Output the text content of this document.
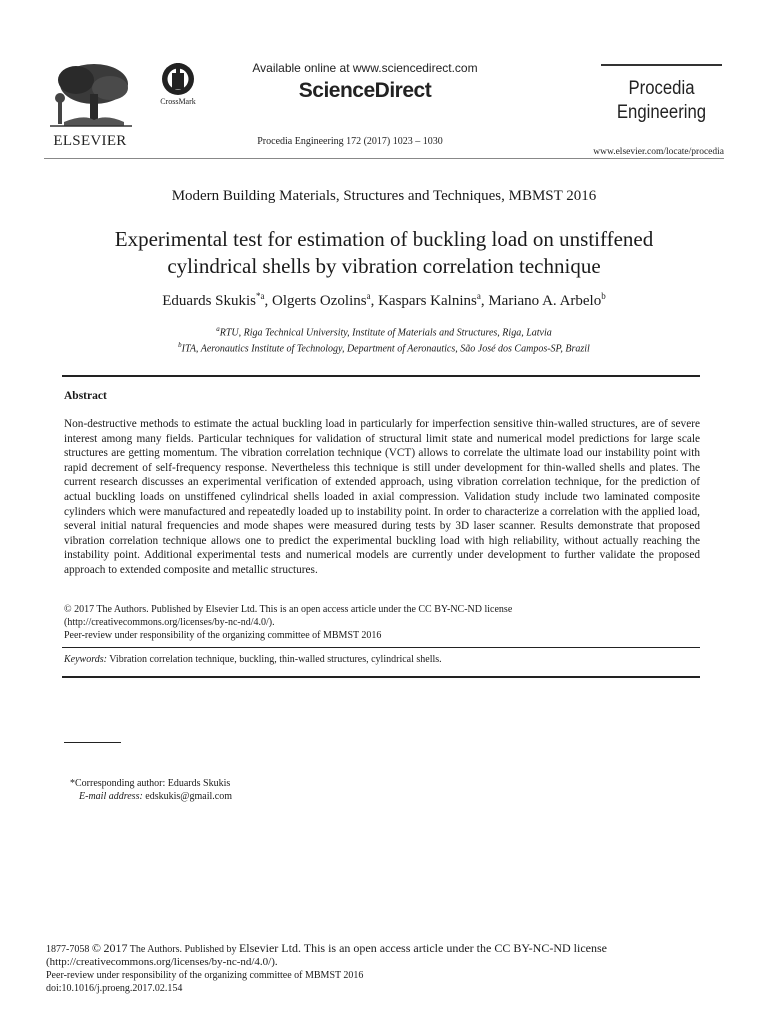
ELSEVIER
CrossMark
Available online at www.sciencedirect.com
ScienceDirect
Procedia Engineering 172 (2017) 1023 – 1030
Procedia
Engineering
www.elsevier.com/locate/procedia
Modern Building Materials, Structures and Techniques, MBMST 2016
Experimental test for estimation of buckling load on unstiffened
cylindrical shells by vibration correlation technique
Eduards Skukis$^{*a}$, Olgerts Ozolins$^a$, Kaspars Kalnins$^a$, Mariano A. Arbelo$^b$
$^a$RTU, Riga Technical University, Institute of Materials and Structures, Riga, Latvia
$^b$ITA, Aeronautics Institute of Technology, Department of Aeronautics, São José dos Campos-SP, Brazil
Abstract
Non-destructive methods to estimate the actual buckling load in particularly for imperfection sensitive thin-walled structures, are of severe interest among many fields. Particular techniques for validation of structural limit state and numerical model predictions for large scale structures are getting momentum. The vibration correlation technique (VCT) allows to correlate the ultimate load our instability point with rapid decrement of self-frequency response. Nevertheless this technique is still under development for thin-walled shells and plates. The current research discusses an experimental verification of extended approach, using vibration correlation technique, for the prediction of actual buckling loads on unstiffened cylindrical shells loaded in axial compression. Validation study include two laminated composite cylinders which were manufactured and repeatedly loaded up to instability point. In order to characterize a correlation with the applied load, several initial natural frequencies and mode shapes were measured during tests by 3D laser scanner. Results demonstrate that proposed vibration correlation technique allows one to predict the experimental buckling load with high reliability, without actually reaching the instability point. Additional experimental tests and numerical models are currently under development to further validate the proposed approach to extended composite and metallic structures.
© 2017 The Authors. Published by Elsevier Ltd. This is an open access article under the CC BY-NC-ND license
(http://creativecommons.org/licenses/by-nc-nd/4.0/).
Peer-review under responsibility of the organizing committee of MBMST 2016
Keywords: Vibration correlation technique, buckling, thin-walled structures, cylindrical shells.
*Corresponding author: Eduards Skukis
E-mail address: edskukis@gmail.com
1877-7058 © 2017 The Authors. Published by Elsevier Ltd. This is an open access article under the CC BY-NC-ND license
(http://creativecommons.org/licenses/by-nc-nd/4.0/).
Peer-review under responsibility of the organizing committee of MBMST 2016
doi:10.1016/j.proeng.2017.02.154
